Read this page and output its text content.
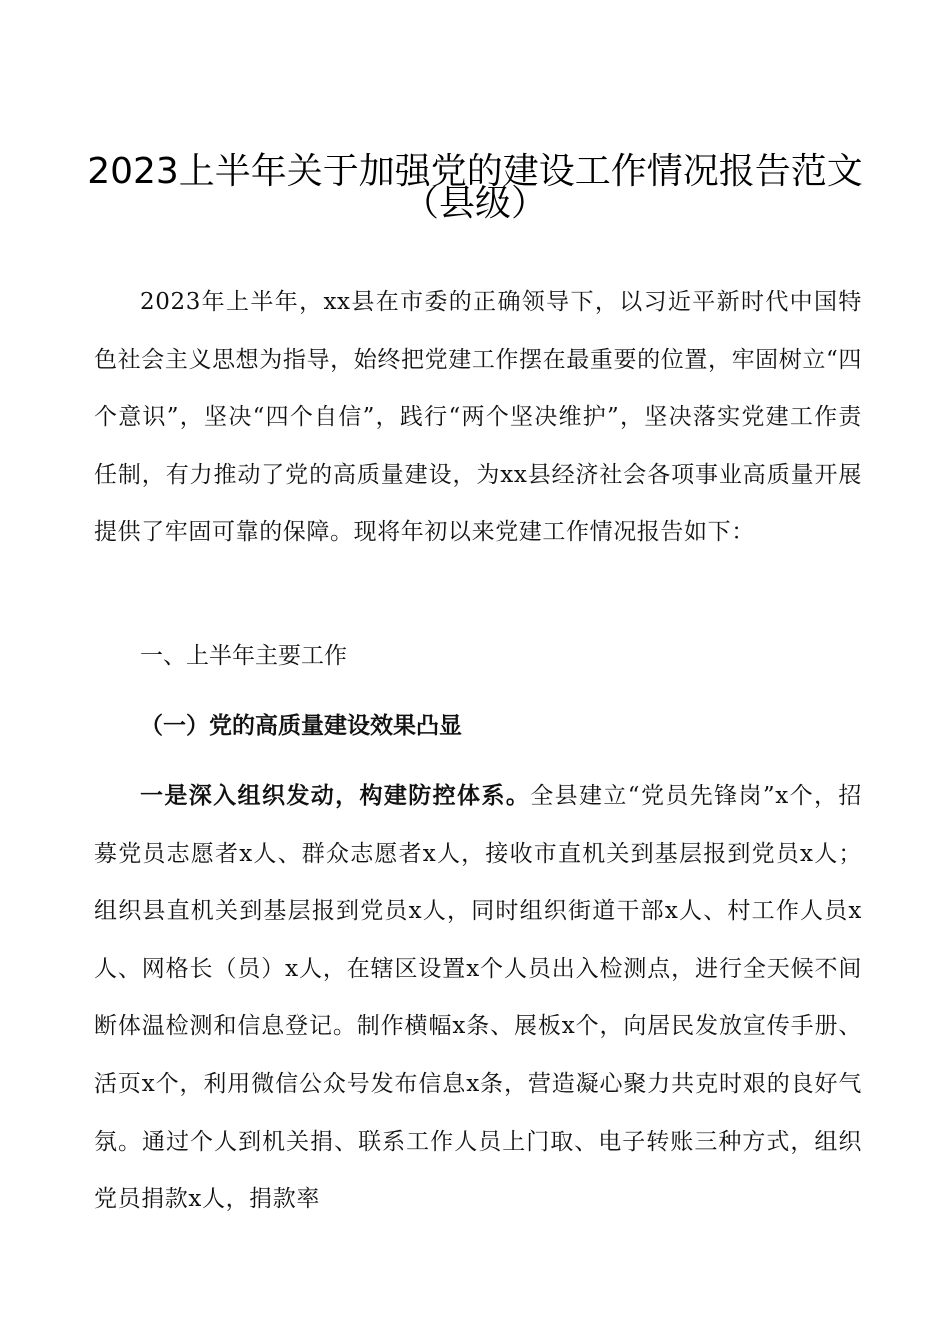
2023上半年关于加强党的建设工作情况报告范文
（县级）

2023年上半年，xx县在市委的正确领导下，以习近平新时代中国特色社会主义思想为指导，始终把党建工作摆在最重要的位置，牢固树立“四个意识”，坚决“四个自信”，践行“两个坚决维护”，坚决落实党建工作责任制，有力推动了党的高质量建设，为xx县经济社会各项事业高质量开展提供了牢固可靠的保障。现将年初以来党建工作情况报告如下：

一、上半年主要工作
（一）党的高质量建设效果凸显

一是深入组织发动，构建防控体系。全县建立“党员先锋岗”x个，招募党员志愿者x人、群众志愿者x人，接收市直机关到基层报到党员x人；组织县直机关到基层报到党员x人，同时组织街道干部x人、村工作人员x人、网格长（员）x人，在辖区设置x个人员出入检测点，进行全天候不间断体温检测和信息登记。制作横幅x条、展板x个，向居民发放宣传手册、活页x个，利用微信公众号发布信息x条，营造凝心聚力共克时艰的良好气氛。通过个人到机关捐、联系工作人员上门取、电子转账三种方式，组织党员捐款x人，捐款率
